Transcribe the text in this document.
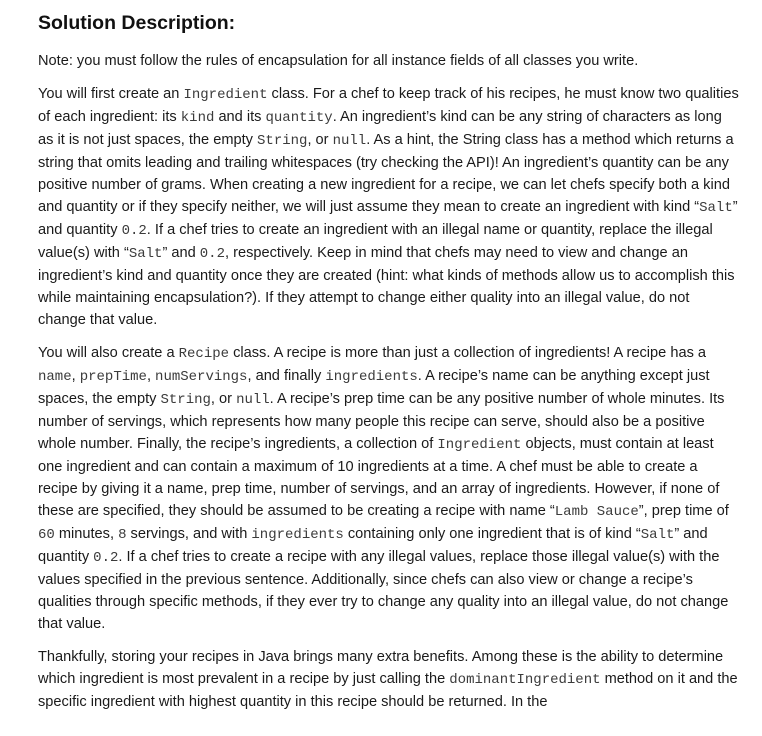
Solution Description:

Note: you must follow the rules of encapsulation for all instance fields of all classes you write.

You will first create an Ingredient class. For a chef to keep track of his recipes, he must know two qualities of each ingredient: its kind and its quantity. An ingredient’s kind can be any string of characters as long as it is not just spaces, the empty String, or null. As a hint, the String class has a method which returns a string that omits leading and trailing whitespaces (try checking the API)! An ingredient’s quantity can be any positive number of grams. When creating a new ingredient for a recipe, we can let chefs specify both a kind and quantity or if they specify neither, we will just assume they mean to create an ingredient with kind “Salt” and quantity 0.2. If a chef tries to create an ingredient with an illegal name or quantity, replace the illegal value(s) with “Salt” and 0.2, respectively. Keep in mind that chefs may need to view and change an ingredient’s kind and quantity once they are created (hint: what kinds of methods allow us to accomplish this while maintaining encapsulation?). If they attempt to change either quality into an illegal value, do not change that value.

You will also create a Recipe class. A recipe is more than just a collection of ingredients! A recipe has a name, prepTime, numServings, and finally ingredients. A recipe’s name can be anything except just spaces, the empty String, or null. A recipe’s prep time can be any positive number of whole minutes. Its number of servings, which represents how many people this recipe can serve, should also be a positive whole number. Finally, the recipe’s ingredients, a collection of Ingredient objects, must contain at least one ingredient and can contain a maximum of 10 ingredients at a time. A chef must be able to create a recipe by giving it a name, prep time, number of servings, and an array of ingredients. However, if none of these are specified, they should be assumed to be creating a recipe with name “Lamb Sauce”, prep time of 60 minutes, 8 servings, and with ingredients containing only one ingredient that is of kind “Salt” and quantity 0.2. If a chef tries to create a recipe with any illegal values, replace those illegal value(s) with the values specified in the previous sentence. Additionally, since chefs can also view or change a recipe’s qualities through specific methods, if they ever try to change any quality into an illegal value, do not change that value.

Thankfully, storing your recipes in Java brings many extra benefits. Among these is the ability to determine which ingredient is most prevalent in a recipe by just calling the dominantIngredient method on it and the specific ingredient with highest quantity in this recipe should be returned. In the
